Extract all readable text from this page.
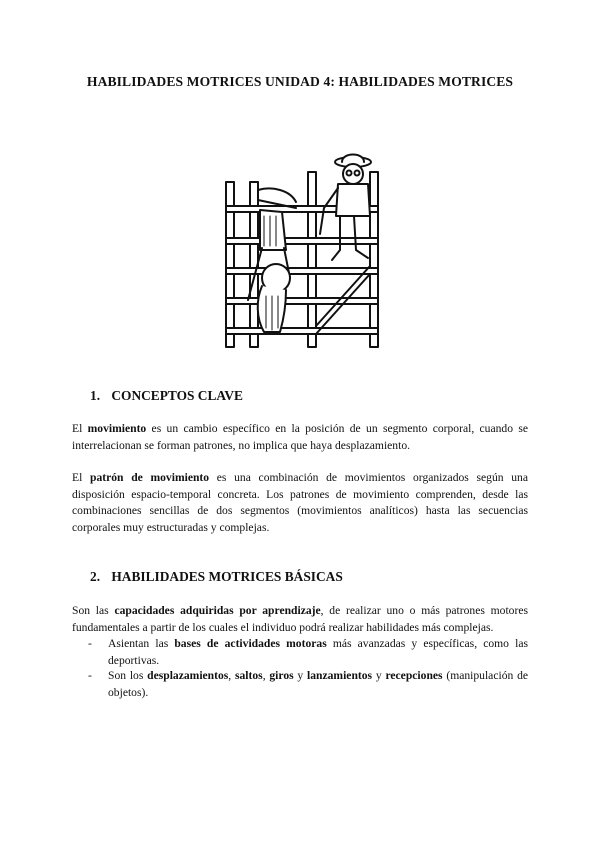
HABILIDADES MOTRICES UNIDAD 4: HABILIDADES MOTRICES
1. CONCEPTOS CLAVE

El movimiento es un cambio específico en la posición de un segmento corporal, cuando se interrelacionan se forman patrones, no implica que haya desplazamiento.

El patrón de movimiento es una combinación de movimientos organizados según una disposición espacio-temporal concreta. Los patrones de movimiento comprenden, desde las combinaciones sencillas de dos segmentos (movimientos analíticos) hasta las secuencias corporales muy estructuradas y complejas.

2. HABILIDADES MOTRICES BÁSICAS

Son las capacidades adquiridas por aprendizaje, de realizar uno o más patrones motores fundamentales a partir de los cuales el individuo podrá realizar habilidades más complejas.

- Asientan las bases de actividades motoras más avanzadas y específicas, como las deportivas.
- Son los desplazamientos, saltos, giros y lanzamientos y recepciones (manipulación de objetos).
